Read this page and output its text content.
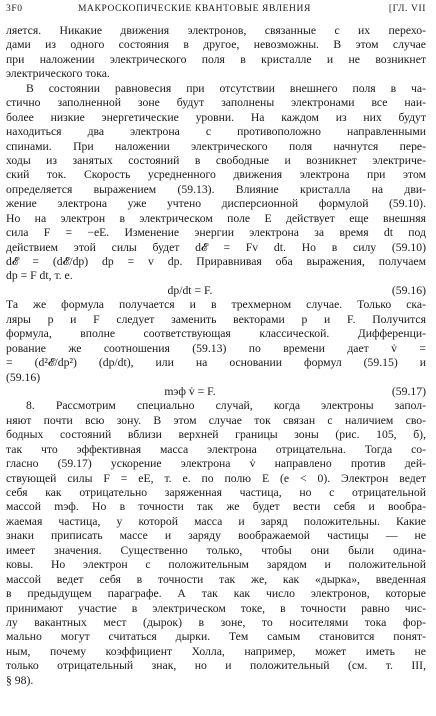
3F0	МАКРОСКОПИЧЕСКИЕ КВАНТОВЫЕ ЯВЛЕНИЯ	[ГЛ. VII
ляется. Никакие движения электронов, связанные с их перехо-
дами из одного состояния в другое, невозможны. В этом случае
при наложении электрического поля в кристалле и не возникнет
электрического тока.
В состоянии равновесия при отсутствии внешнего поля в ча-
стично заполненной зоне будут заполнены электронами все наи-
более низкие энергетические уровни. На каждом из них будут
находиться два электрона с противоположно направленными
спинами. При наложении электрического поля начнутся пере-
ходы из занятых состояний в свободные и возникнет электриче-
ский ток. Скорость усредненного движения электрона при этом
определяется выражением (59.13). Влияние кристалла на дви-
жение электрона уже учтено дисперсионной формулой (59.10).
Но на электрон в электрическом поле E действует еще внешняя
сила F = −eE. Изменение энергии электрона за время dt под
действием этой силы будет d𝓔 = Fv dt. Но в силу (59.10)
d𝓔 = (d𝓔/dp) dp = v dp. Приравнивая оба выражения, получаем
dp = F dt, т. е.
dp/dt = F.	(59.16)
Та же формула получается и в трехмерном случае. Только ска-
ляры p и F следует заменить векторами p и F. Получится
формула, вполне соответствующая классической. Дифференци-
рование же соотношения (59.13) по времени дает v̇ =
= (d²𝓔/dp²) (dp/dt), или на основании формул (59.15) и
(59.16)
mэф v̇ = F.	(59.17)
8. Рассмотрим специально случай, когда электроны запол-
няют почти всю зону. В этом случае ток связан с наличием сво-
бодных состояний вблизи верхней границы зоны (рис. 105, б),
так что эффективная масса электрона отрицательна. Тогда со-
гласно (59.17) ускорение электрона v̇ направлено против дей-
ствующей силы F = eE, т. е. по полю E (e < 0). Электрон ведет
себя как отрицательно заряженная частица, но с отрицательной
массой mэф. Но в точности так же будет вести себя и вообра-
жаемая частица, у которой масса и заряд положительны. Какие
знаки приписать массе и заряду воображаемой частицы — не
имеет значения. Существенно только, чтобы они были одина-
ковы. Но электрон с положительным зарядом и положительной
массой ведет себя в точности так же, как «дырка», введенная
в предыдущем параграфе. А так как число электронов, которые
принимают участие в электрическом токе, в точности равно чис-
лу вакантных мест (дырок) в зоне, то носителями тока фор-
мально могут считаться дырки. Тем самым становится понят-
ным, почему коэффициент Холла, например, может иметь не
только отрицательный знак, но и положительный (см. т. III,
§ 98).
